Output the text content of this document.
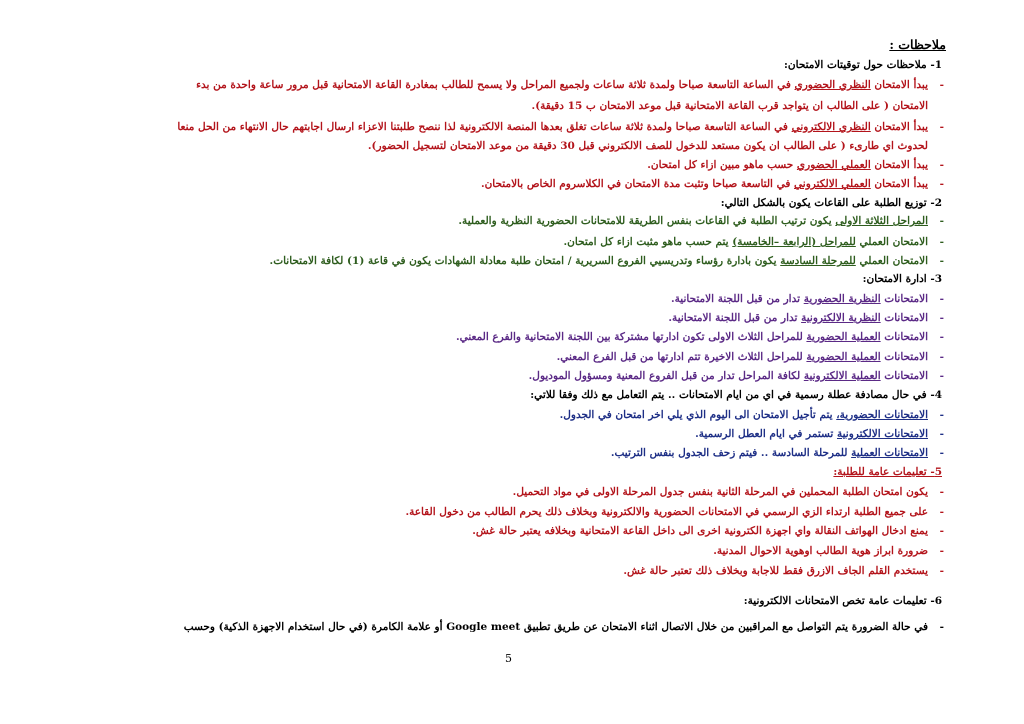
ملاحظات :
1- ملاحظات حول توقيتات الامتحان:
-
يبدأ الامتحان النظري الحضوري في الساعة التاسعة صباحا ولمدة ثلاثة ساعات ولجميع المراحل ولا يسمح للطالب بمغادرة القاعة الامتحانية قبل مرور ساعة واحدة من بدء
الامتحان ( على الطالب ان يتواجد قرب القاعة الامتحانية قبل موعد الامتحان ب 15 دقيقة).
-
يبدأ الامتحان النظري الالكتروني في الساعة التاسعة صباحا ولمدة ثلاثة ساعات تغلق بعدها المنصة الالكترونية لذا ننصح طلبتنا الاعزاء ارسال اجابتهم حال الانتهاء من الحل منعا
لحدوث اي طارىء ( على الطالب ان يكون مستعد للدخول للصف الالكتروني قبل 30 دقيقة من موعد الامتحان لتسجيل الحضور).
-
يبدأ الامتحان العملي الحضوري حسب ماهو مبين ازاء كل امتحان.
-
يبدأ الامتحان العملي الالكتروني في التاسعة صباحا وتثبت مدة الامتحان في الكلاسروم الخاص بالامتحان.
2- توزيع الطلبة على القاعات يكون بالشكل التالي:
-
المراحل الثلاثة الاولى يكون ترتيب الطلبة في القاعات بنفس الطريقة للامتحانات الحضورية النظرية والعملية.
-
الامتحان العملي للمراحل (الرابعة –الخامسة) يتم حسب ماهو مثبت ازاء كل امتحان.
-
الامتحان العملي للمرحلة السادسة يكون بادارة رؤساء وتدريسيي الفروع السريرية / امتحان طلبة معادلة الشهادات يكون في قاعة (1) لكافة الامتحانات.
3- ادارة الامتحان:
-
الامتحانات النظرية الحضورية تدار من قبل اللجنة الامتحانية.
-
الامتحانات النظرية الالكترونية تدار من قبل اللجنة الامتحانية.
-
الامتحانات العملية الحضورية للمراحل الثلاث الاولى تكون ادارتها مشتركة بين اللجنة الامتحانية والفرع المعني.
-
الامتحانات العملية الحضورية للمراحل الثلاث الاخيرة تتم ادارتها من قبل الفرع المعني.
-
الامتحانات العملية الالكترونية لكافة المراحل تدار من قبل الفروع المعنية ومسؤول الموديول.
4- في حال مصادفة عطلة رسمية في اي من ايام الامتحانات .. يتم التعامل مع ذلك وفقا للاتي:
-
الامتحانات الحضورية، يتم تأجيل الامتحان الى اليوم الذي يلي اخر امتحان في الجدول.
-
الامتحانات الالكترونية تستمر في ايام العطل الرسمية.
-
الامتحانات العملية للمرحلة السادسة .. فيتم زحف الجدول بنفس الترتيب.
5- تعليمات عامة للطلبة:
-
يكون امتحان الطلبة المحملين في المرحلة الثانية بنفس جدول المرحلة الاولى في مواد التحميل.
-
على جميع الطلبة ارتداء الزي الرسمي في الامتحانات الحضورية والالكترونية وبخلاف ذلك يحرم الطالب من دخول القاعة.
-
يمنع ادخال الهواتف النقالة واي اجهزة الكترونية اخرى الى داخل القاعة الامتحانية وبخلافه يعتبر حالة غش.
-
ضرورة ابراز هوية الطالب اوهوية الاحوال المدنية.
-
يستخدم القلم الجاف الازرق فقط للاجابة وبخلاف ذلك تعتبر حالة غش.
6- تعليمات عامة تخص الامتحانات الالكترونية:
-
في حالة الضرورة يتم التواصل مع المراقبين من خلال الاتصال اثناء الامتحان عن طريق تطبيق Google meet أو علامة الكامرة (في حال استخدام الاجهزة الذكية) وحسب
5
